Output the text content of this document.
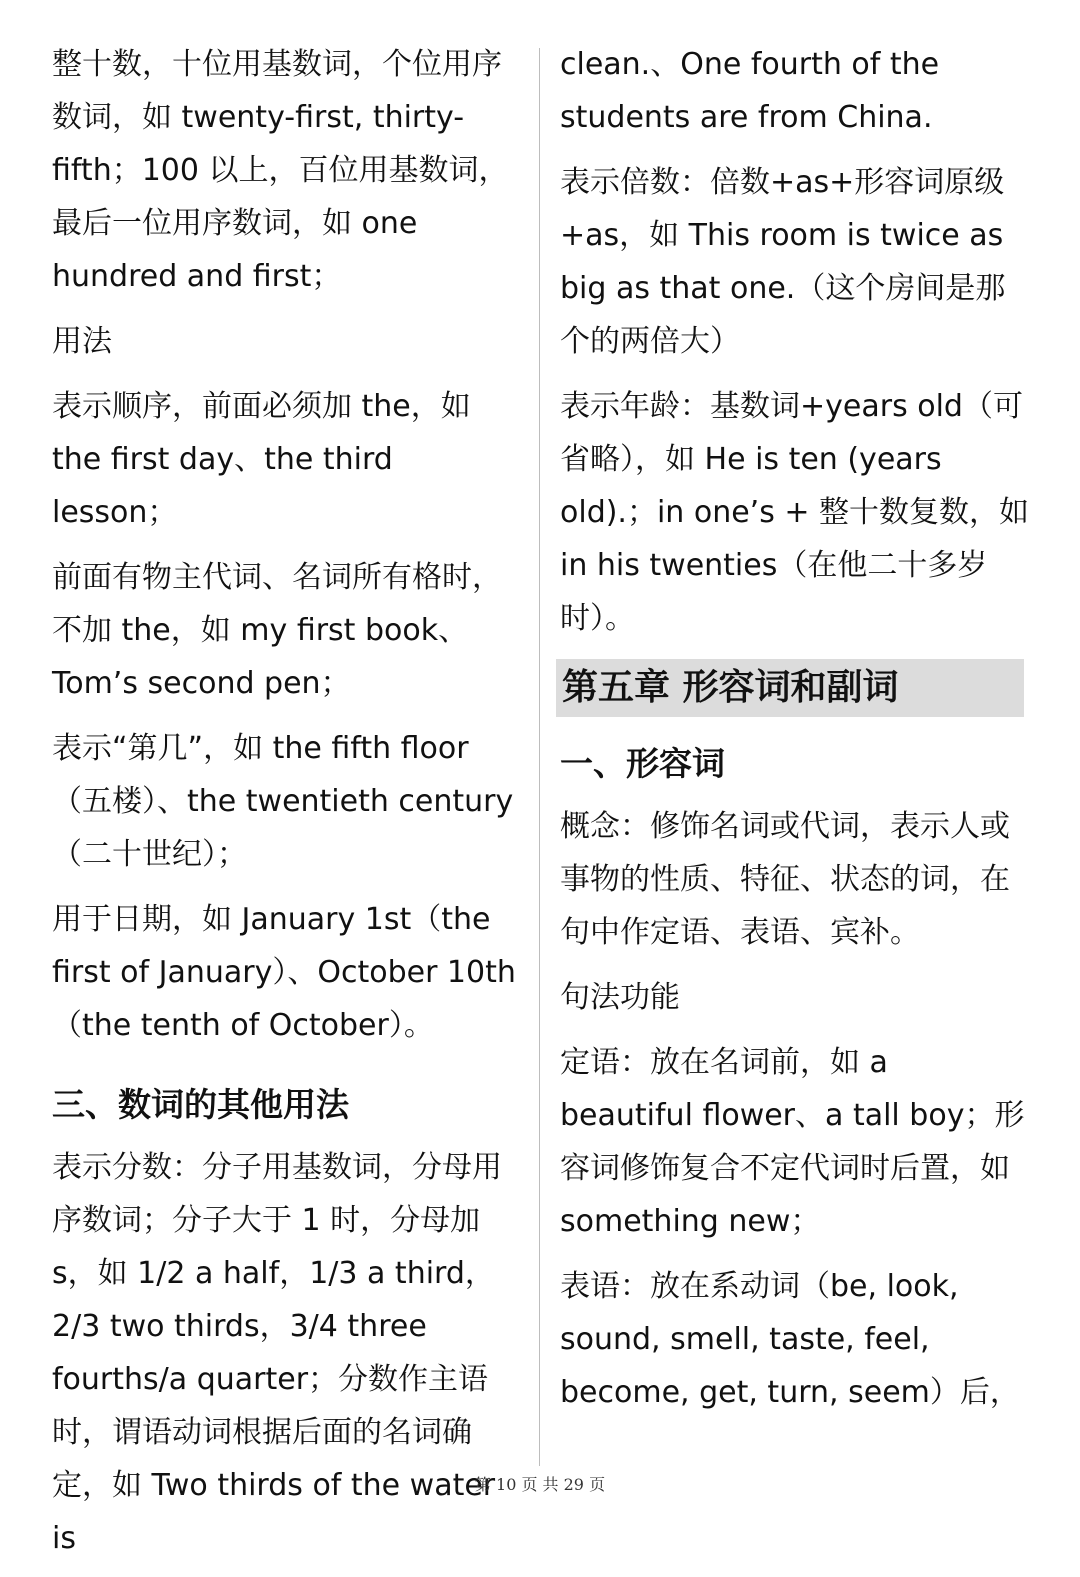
整十数，十位用基数词，个位用序数词，如 twenty-first, thirty-fifth；100 以上，百位用基数词，最后一位用序数词，如 one hundred and first；

用法

表示顺序，前面必须加 the，如 the first day、the third lesson；

前面有物主代词、名词所有格时，不加 the，如 my first book、Tom’s second pen；

表示“第几”，如 the fifth floor（五楼）、the twentieth century（二十世纪）；

用于日期，如 January 1st（the first of January）、October 10th（the tenth of October）。

三、数词的其他用法

表示分数：分子用基数词，分母用序数词；分子大于 1 时，分母加 s，如 1/2 a half，1/3 a third，2/3 two thirds，3/4 three fourths/a quarter；分数作主语时，谓语动词根据后面的名词确定，如 Two thirds of the water is

clean.、One fourth of the students are from China.

表示倍数：倍数+as+形容词原级+as，如 This room is twice as big as that one.（这个房间是那个的两倍大）

表示年龄：基数词+years old（可省略），如 He is ten (years old).；in one’s + 整十数复数，如 in his twenties（在他二十多岁时）。

第五章 形容词和副词
一、形容词

概念：修饰名词或代词，表示人或事物的性质、特征、状态的词，在句中作定语、表语、宾补。

句法功能

定语：放在名词前，如 a beautiful flower、a tall boy；形容词修饰复合不定代词时后置，如 something new；

表语：放在系动词（be, look, sound, smell, taste, feel, become, get, turn, seem）后，

第 10 页 共 29 页
